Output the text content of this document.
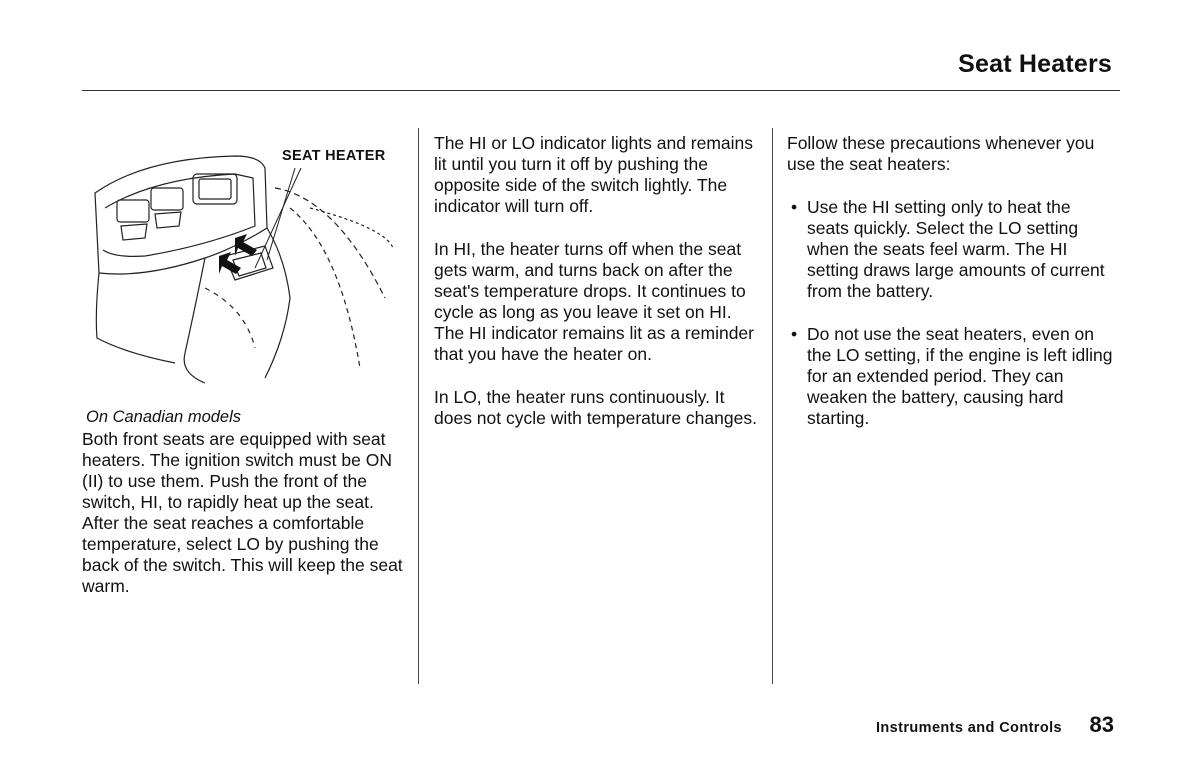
Seat Heaters
SEAT HEATER
On Canadian models

Both front seats are equipped with seat heaters. The ignition switch must be ON (II) to use them. Push the front of the switch, HI, to rapidly heat up the seat. After the seat reaches a comfortable temperature, select LO by pushing the back of the switch. This will keep the seat warm.

The HI or LO indicator lights and remains lit until you turn it off by pushing the opposite side of the switch lightly. The indicator will turn off.

In HI, the heater turns off when the seat gets warm, and turns back on after the seat's temperature drops. It continues to cycle as long as you leave it set on HI. The HI indicator remains lit as a reminder that you have the heater on.

In LO, the heater runs continuously. It does not cycle with temperature changes.

Follow these precautions whenever you use the seat heaters:

• Use the HI setting only to heat the seats quickly. Select the LO setting when the seats feel warm. The HI setting draws large amounts of current from the battery.
• Do not use the seat heaters, even on the LO setting, if the engine is left idling for an extended period. They can weaken the battery, causing hard starting.
Instruments and Controls 83
